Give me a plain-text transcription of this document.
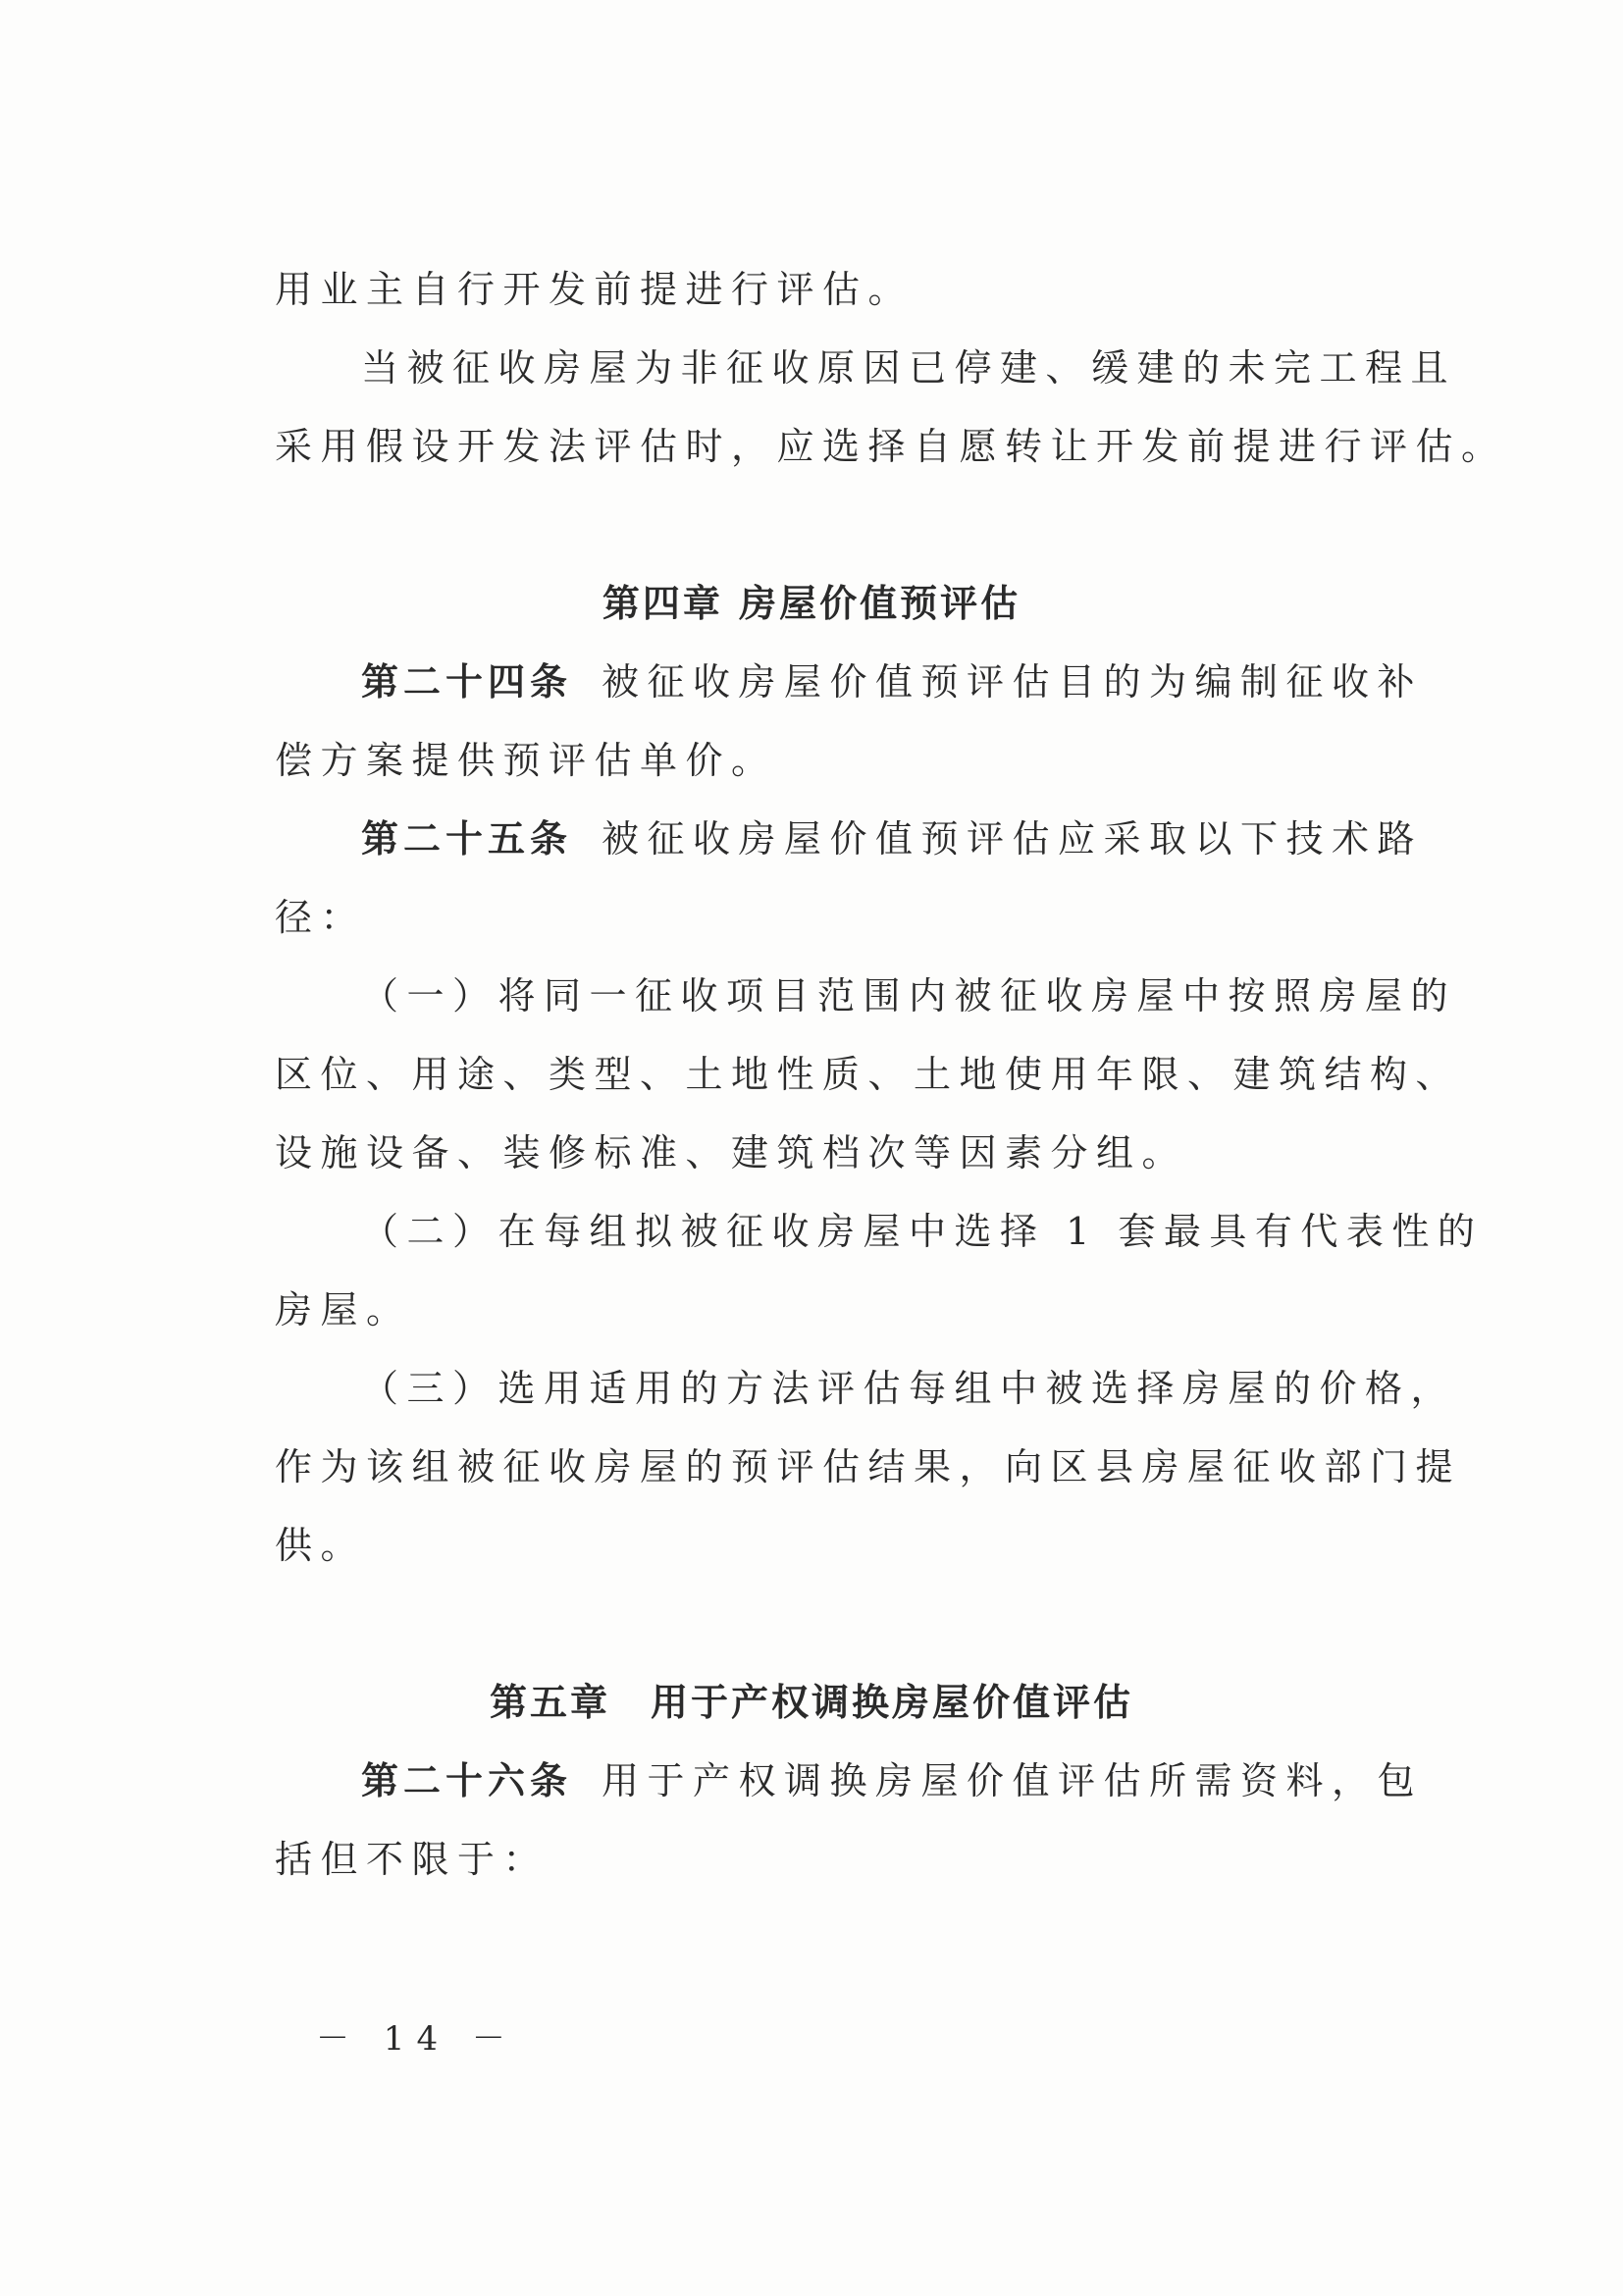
用业主自行开发前提进行评估。
当被征收房屋为非征收原因已停建、缓建的未完工程且
采用假设开发法评估时，应选择自愿转让开发前提进行评估。
第四章 房屋价值预评估
第二十四条 被征收房屋价值预评估目的为编制征收补
偿方案提供预评估单价。
第二十五条 被征收房屋价值预评估应采取以下技术路
径：
（一）将同一征收项目范围内被征收房屋中按照房屋的
区位、用途、类型、土地性质、土地使用年限、建筑结构、
设施设备、装修标准、建筑档次等因素分组。
（二）在每组拟被征收房屋中选择 1 套最具有代表性的
房屋。
（三）选用适用的方法评估每组中被选择房屋的价格，
作为该组被征收房屋的预评估结果，向区县房屋征收部门提
供。
第五章　用于产权调换房屋价值评估
第二十六条 用于产权调换房屋价值评估所需资料，包
括但不限于：
－ 14 －
